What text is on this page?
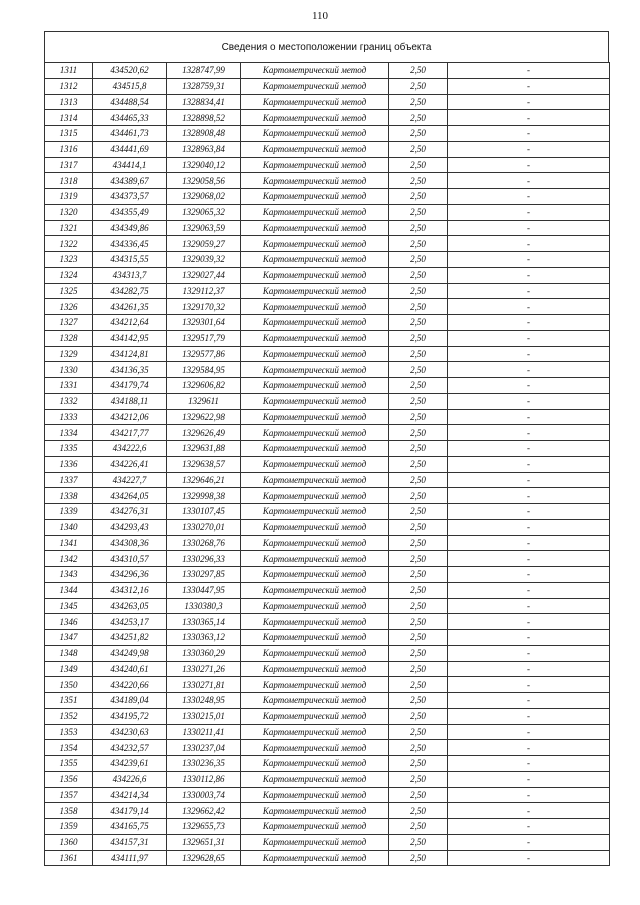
110
Сведения о местоположении границ объекта
1311	434520,62	1328747,99	Картометрический метод	2,50	-
1312	434515,8	1328759,31	Картометрический метод	2,50	-
1313	434488,54	1328834,41	Картометрический метод	2,50	-
1314	434465,33	1328898,52	Картометрический метод	2,50	-
1315	434461,73	1328908,48	Картометрический метод	2,50	-
1316	434441,69	1328963,84	Картометрический метод	2,50	-
1317	434414,1	1329040,12	Картометрический метод	2,50	-
1318	434389,67	1329058,56	Картометрический метод	2,50	-
1319	434373,57	1329068,02	Картометрический метод	2,50	-
1320	434355,49	1329065,32	Картометрический метод	2,50	-
1321	434349,86	1329063,59	Картометрический метод	2,50	-
1322	434336,45	1329059,27	Картометрический метод	2,50	-
1323	434315,55	1329039,32	Картометрический метод	2,50	-
1324	434313,7	1329027,44	Картометрический метод	2,50	-
1325	434282,75	1329112,37	Картометрический метод	2,50	-
1326	434261,35	1329170,32	Картометрический метод	2,50	-
1327	434212,64	1329301,64	Картометрический метод	2,50	-
1328	434142,95	1329517,79	Картометрический метод	2,50	-
1329	434124,81	1329577,86	Картометрический метод	2,50	-
1330	434136,35	1329584,95	Картометрический метод	2,50	-
1331	434179,74	1329606,82	Картометрический метод	2,50	-
1332	434188,11	1329611	Картометрический метод	2,50	-
1333	434212,06	1329622,98	Картометрический метод	2,50	-
1334	434217,77	1329626,49	Картометрический метод	2,50	-
1335	434222,6	1329631,88	Картометрический метод	2,50	-
1336	434226,41	1329638,57	Картометрический метод	2,50	-
1337	434227,7	1329646,21	Картометрический метод	2,50	-
1338	434264,05	1329998,38	Картометрический метод	2,50	-
1339	434276,31	1330107,45	Картометрический метод	2,50	-
1340	434293,43	1330270,01	Картометрический метод	2,50	-
1341	434308,36	1330268,76	Картометрический метод	2,50	-
1342	434310,57	1330296,33	Картометрический метод	2,50	-
1343	434296,36	1330297,85	Картометрический метод	2,50	-
1344	434312,16	1330447,95	Картометрический метод	2,50	-
1345	434263,05	1330380,3	Картометрический метод	2,50	-
1346	434253,17	1330365,14	Картометрический метод	2,50	-
1347	434251,82	1330363,12	Картометрический метод	2,50	-
1348	434249,98	1330360,29	Картометрический метод	2,50	-
1349	434240,61	1330271,26	Картометрический метод	2,50	-
1350	434220,66	1330271,81	Картометрический метод	2,50	-
1351	434189,04	1330248,95	Картометрический метод	2,50	-
1352	434195,72	1330215,01	Картометрический метод	2,50	-
1353	434230,63	1330211,41	Картометрический метод	2,50	-
1354	434232,57	1330237,04	Картометрический метод	2,50	-
1355	434239,61	1330236,35	Картометрический метод	2,50	-
1356	434226,6	1330112,86	Картометрический метод	2,50	-
1357	434214,34	1330003,74	Картометрический метод	2,50	-
1358	434179,14	1329662,42	Картометрический метод	2,50	-
1359	434165,75	1329655,73	Картометрический метод	2,50	-
1360	434157,31	1329651,31	Картометрический метод	2,50	-
1361	434111,97	1329628,65	Картометрический метод	2,50	-
